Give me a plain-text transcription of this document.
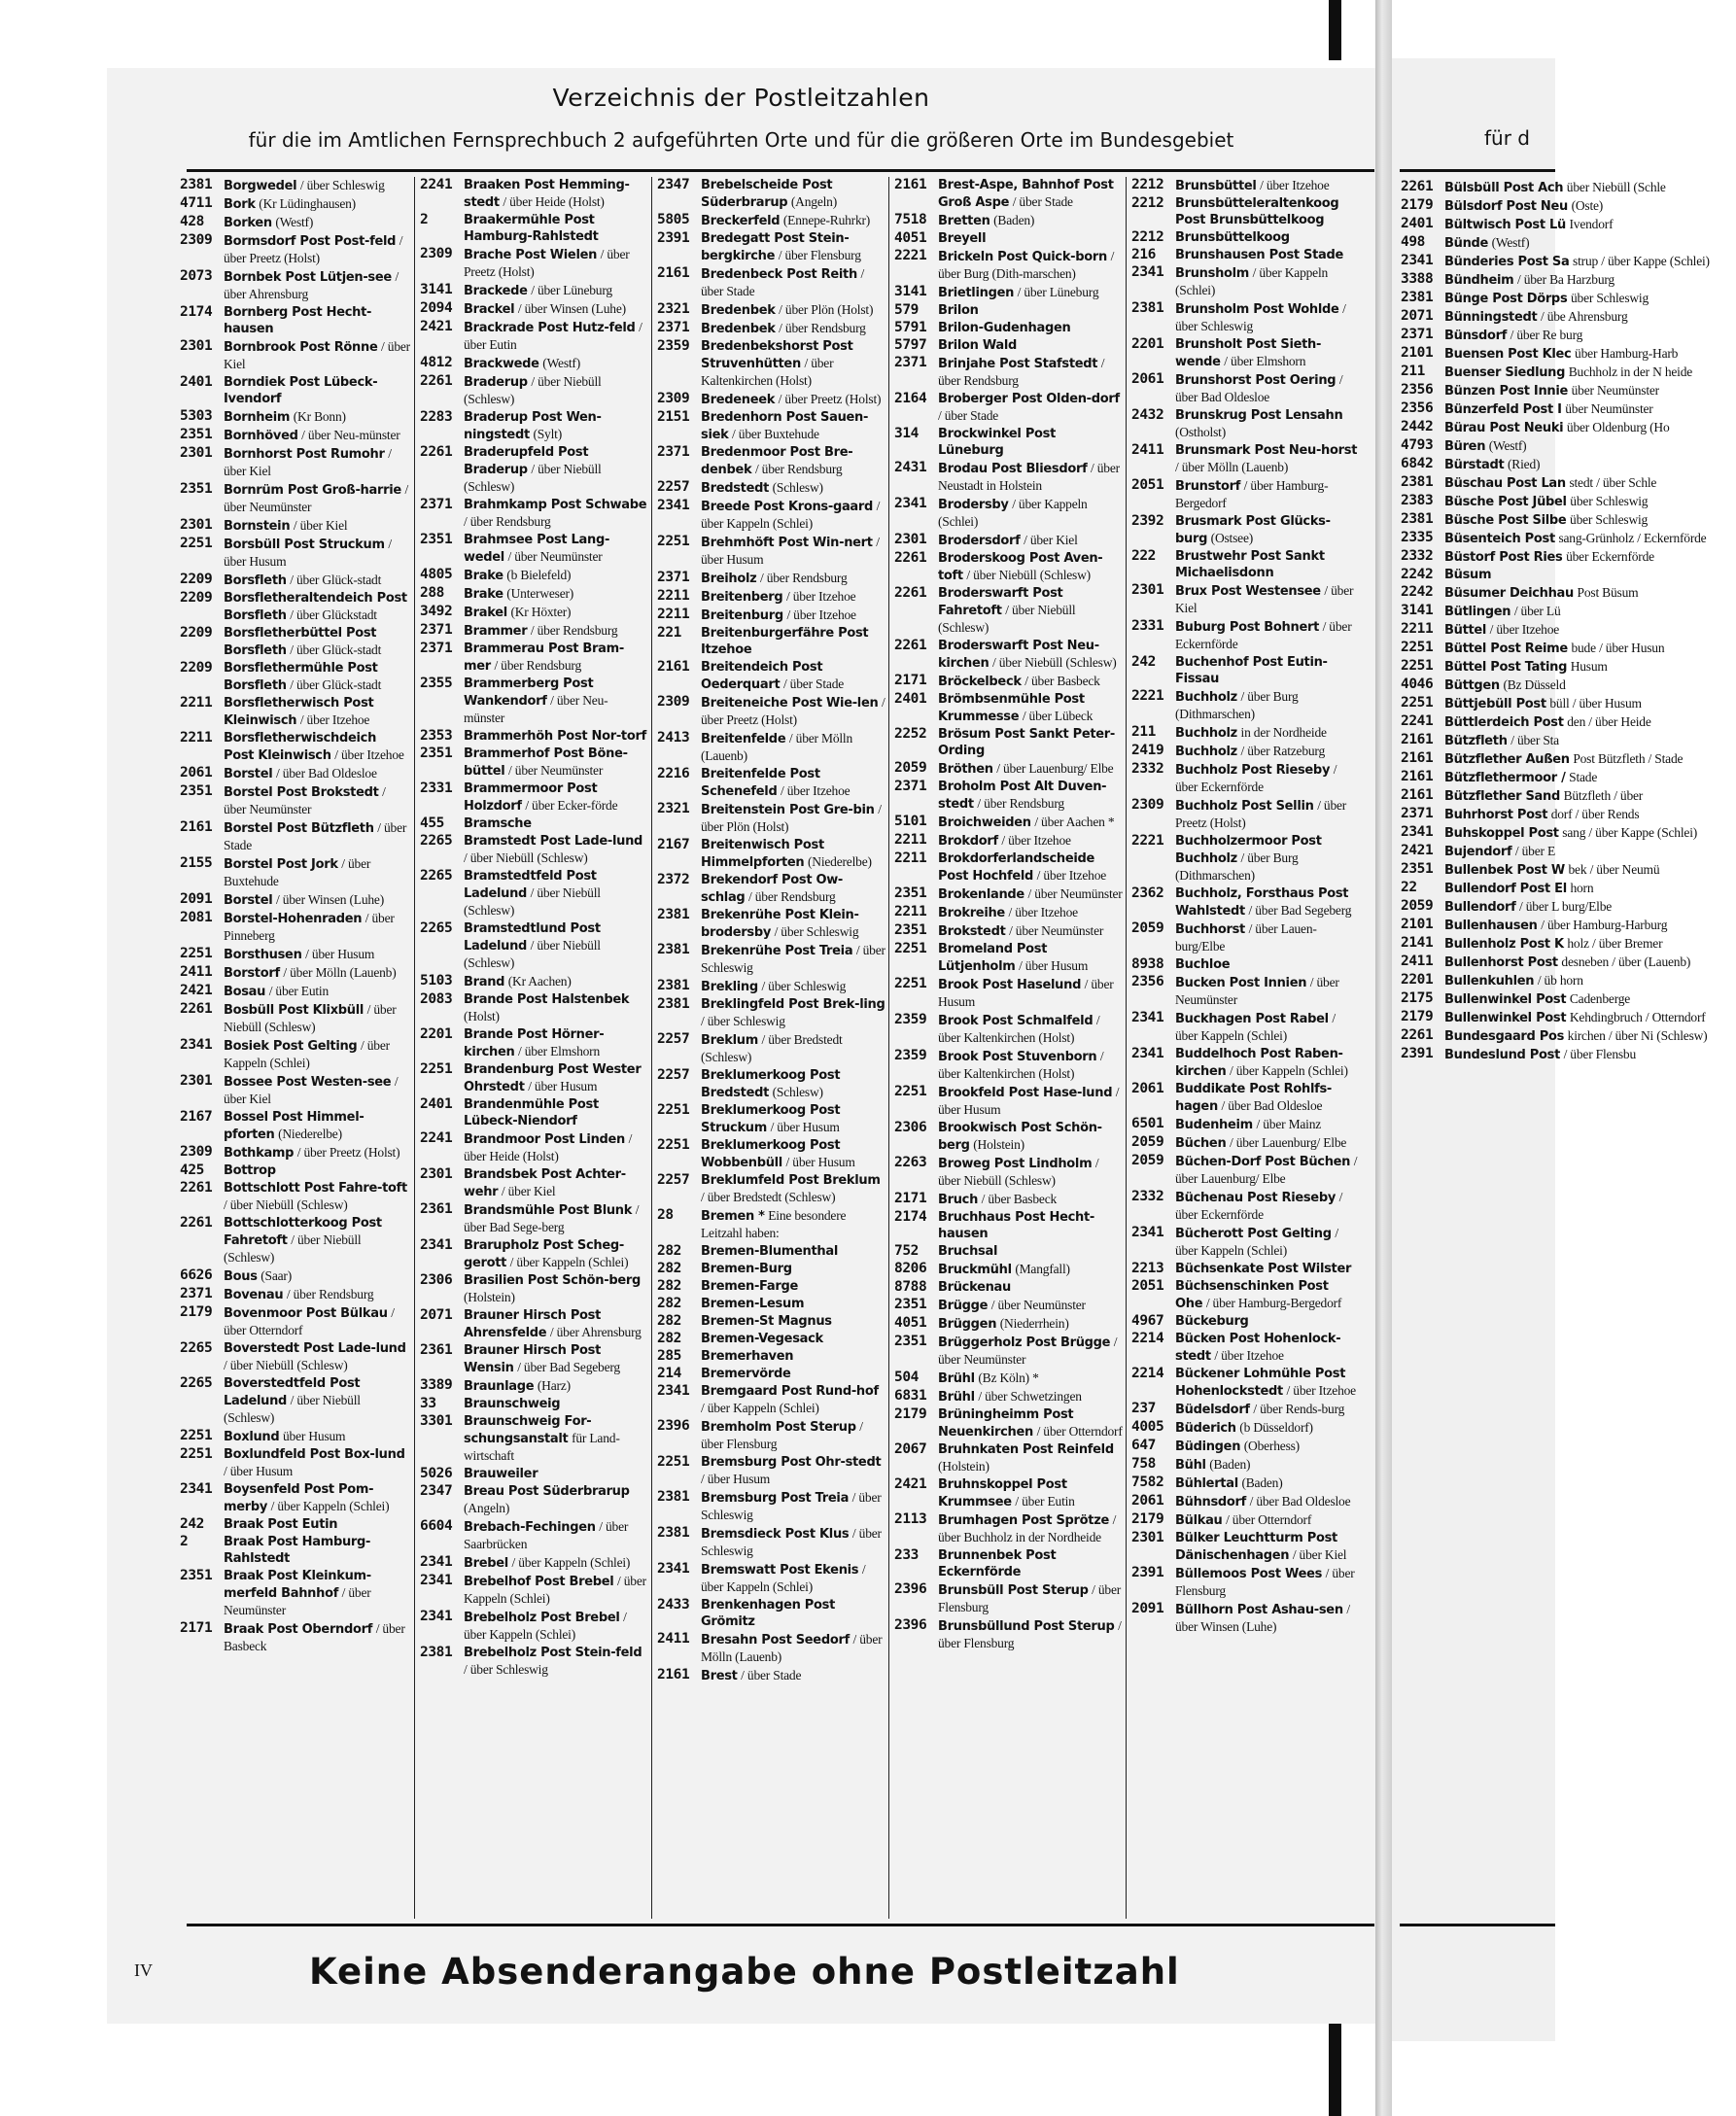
Verzeichnis der Postleitzahlen
für die im Amtlichen Fernsprechbuch 2 aufgeführten Orte und für die größeren Orte im Bundesgebiet
2381 Borgwedel / über Schleswig
4711 Bork (Kr Lüdinghausen)
428 Borken (Westf)
2309 Bormsdorf Post Post-feld / über Preetz (Holst)
2073 Bornbek Post Lütjen-see / über Ahrensburg
2174 Bornberg Post Hecht-hausen
2301 Bornbrook Post Rönne / über Kiel
2401 Borndiek Post Lübeck-Ivendorf
5303 Bornheim (Kr Bonn)
2351 Bornhöved / über Neu-münster
2301 Bornhorst Post Rumohr / über Kiel
2351 Bornrüm Post Groß-harrie / über Neumünster
2301 Bornstein / über Kiel
2251 Borsbüll Post Struckum / über Husum
2209 Borsfleth / über Glück-stadt
2209 Borsfletheraltendeich Post Borsfleth / über Glückstadt
2209 Borsfletherbüttel Post Borsfleth / über Glück-stadt
2209 Borsflethermühle Post Borsfleth / über Glück-stadt
2211 Borsfletherwisch Post Kleinwisch / über Itzehoe
2211 Borsfletherwischdeich Post Kleinwisch / über Itzehoe
2061 Borstel / über Bad Oldesloe
2351 Borstel Post Brokstedt / über Neumünster
2161 Borstel Post Bützfleth / über Stade
2155 Borstel Post Jork / über Buxtehude
2091 Borstel / über Winsen (Luhe)
2081 Borstel-Hohenraden / über Pinneberg
2251 Borsthusen / über Husum
2411 Borstorf / über Mölln (Lauenb)
2421 Bosau / über Eutin
2261 Bosbüll Post Klixbüll / über Niebüll (Schlesw)
2341 Bosiek Post Gelting / über Kappeln (Schlei)
2301 Bossee Post Westen-see / über Kiel
2167 Bossel Post Himmel-pforten (Niederelbe)
2309 Bothkamp / über Preetz (Holst)
425 Bottrop
2261 Bottschlott Post Fahre-toft / über Niebüll (Schlesw)
2261 Bottschlotterkoog Post Fahretoft / über Niebüll (Schlesw)
6626 Bous (Saar)
2371 Bovenau / über Rendsburg
2179 Bovenmoor Post Bülkau / über Otterndorf
2265 Boverstedt Post Lade-lund / über Niebüll (Schlesw)
2265 Boverstedtfeld Post Ladelund / über Niebüll (Schlesw)
2251 Boxlund über Husum
2251 Boxlundfeld Post Box-lund / über Husum
2341 Boysenfeld Post Pom-merby / über Kappeln (Schlei)
242 Braak Post Eutin
2	Braak Post Hamburg-Rahlstedt
2351 Braak Post Kleinkum-merfeld Bahnhof / über Neumünster
2171 Braak Post Oberndorf / über Basbeck
2241 Braaken Post Hemming-stedt / über Heide (Holst)
2	Braakermühle Post Hamburg-Rahlstedt
2309 Brache Post Wielen / über Preetz (Holst)
3141 Brackede / über Lüneburg
2094 Brackel / über Winsen (Luhe)
2421 Brackrade Post Hutz-feld / über Eutin
4812 Brackwede (Westf)
2261 Braderup / über Niebüll (Schlesw)
2283 Braderup Post Wen-ningstedt (Sylt)
2261 Braderupfeld Post Braderup / über Niebüll (Schlesw)
2371 Brahmkamp Post Schwabe / über Rendsburg
2351 Brahmsee Post Lang-wedel / über Neumünster
4805 Brake (b Bielefeld)
288 Brake (Unterweser)
3492 Brakel (Kr Höxter)
2371 Brammer / über Rendsburg
2371 Brammerau Post Bram-mer / über Rendsburg
2355 Brammerberg Post Wankendorf / über Neu-münster
2353 Brammerhöh Post Nor-torf
2351 Brammerhof Post Böne-büttel / über Neumünster
2331 Brammermoor Post Holzdorf / über Ecker-förde
455 Bramsche
2265 Bramstedt Post Lade-lund / über Niebüll (Schlesw)
2265 Bramstedtfeld Post Ladelund / über Niebüll (Schlesw)
2265 Bramstedtlund Post Ladelund / über Niebüll (Schlesw)
5103 Brand (Kr Aachen)
2083 Brande Post Halstenbek (Holst)
2201 Brande Post Hörner-kirchen / über Elmshorn
2251 Brandenburg Post Wester Ohrstedt / über Husum
2401 Brandenmühle Post Lübeck-Niendorf
2241 Brandmoor Post Linden / über Heide (Holst)
2301 Brandsbek Post Achter-wehr / über Kiel
2361 Brandsmühle Post Blunk / über Bad Sege-berg
2341 Brarupholz Post Scheg-gerott / über Kappeln (Schlei)
2306 Brasilien Post Schön-berg (Holstein)
2071 Brauner Hirsch Post Ahrensfelde / über Ahrensburg
2361 Brauner Hirsch Post Wensin / über Bad Segeberg
3389 Braunlage (Harz)
33 Braunschweig
3301 Braunschweig For-schungsanstalt für Land-wirtschaft
5026 Brauweiler
2347 Breau Post Süderbrarup (Angeln)
6604 Brebach-Fechingen / über Saarbrücken
2341 Brebel / über Kappeln (Schlei)
2341 Brebelhof Post Brebel / über Kappeln (Schlei)
2341 Brebelholz Post Brebel / über Kappeln (Schlei)
2381 Brebelholz Post Stein-feld / über Schleswig
2347 Brebelscheide Post Süderbrarup (Angeln)
5805 Breckerfeld (Ennepe-Ruhrkr)
2391 Bredegatt Post Stein-bergkirche / über Flensburg
2161 Bredenbeck Post Reith / über Stade
2321 Bredenbek / über Plön (Holst)
2371 Bredenbek / über Rendsburg
2359 Bredenbekshorst Post Struvenhütten / über Kaltenkirchen (Holst)
2309 Bredeneek / über Preetz (Holst)
2151 Bredenhorn Post Sauen-siek / über Buxtehude
2371 Bredenmoor Post Bre-denbek / über Rendsburg
2257 Bredstedt (Schlesw)
2341 Breede Post Krons-gaard / über Kappeln (Schlei)
2251 Brehmhöft Post Win-nert / über Husum
2371 Breiholz / über Rendsburg
2211 Breitenberg / über Itzehoe
2211 Breitenburg / über Itzehoe
221 Breitenburgerfähre Post Itzehoe
2161 Breitendeich Post Oederquart / über Stade
2309 Breiteneiche Post Wie-len / über Preetz (Holst)
2413 Breitenfelde / über Mölln (Lauenb)
2216 Breitenfelde Post Schenefeld / über Itzehoe
2321 Breitenstein Post Gre-bin / über Plön (Holst)
2167 Breitenwisch Post Himmelpforten (Niederelbe)
2372 Brekendorf Post Ow-schlag / über Rendsburg
2381 Brekenrühe Post Klein-brodersby / über Schleswig
2381 Brekenrühe Post Treia / über Schleswig
2381 Brekling / über Schleswig
2381 Breklingfeld Post Brek-ling / über Schleswig
2257 Breklum / über Bredstedt (Schlesw)
2257 Breklumerkoog Post Bredstedt (Schlesw)
2251 Breklumerkoog Post Struckum / über Husum
2251 Breklumerkoog Post Wobbenbüll / über Husum
2257 Breklumfeld Post Breklum / über Bredstedt (Schlesw)
28 Bremen * Eine besondere Leitzahl haben:
282 Bremen-Blumenthal
282 Bremen-Burg
282 Bremen-Farge
282 Bremen-Lesum
282 Bremen-St Magnus
282 Bremen-Vegesack
285 Bremerhaven
214 Bremervörde
2341 Bremgaard Post Rund-hof / über Kappeln (Schlei)
2396 Bremholm Post Sterup / über Flensburg
2251 Bremsburg Post Ohr-stedt / über Husum
2381 Bremsburg Post Treia / über Schleswig
2381 Bremsdieck Post Klus / über Schleswig
2341 Bremswatt Post Ekenis / über Kappeln (Schlei)
2433 Brenkenhagen Post Grömitz
2411 Bresahn Post Seedorf / über Mölln (Lauenb)
2161 Brest / über Stade
2161 Brest-Aspe, Bahnhof Post Groß Aspe / über Stade
7518 Bretten (Baden)
4051 Breyell
2221 Brickeln Post Quick-born / über Burg (Dith-marschen)
3141 Brietlingen / über Lüneburg
579 Brilon
5791 Brilon-Gudenhagen
5797 Brilon Wald
2371 Brinjahe Post Stafstedt / über Rendsburg
2164 Broberger Post Olden-dorf / über Stade
314 Brockwinkel Post Lüneburg
2431 Brodau Post Bliesdorf / über Neustadt in Holstein
2341 Brodersby / über Kappeln (Schlei)
2301 Brodersdorf / über Kiel
2261 Broderskoog Post Aven-toft / über Niebüll (Schlesw)
2261 Broderswarft Post Fahretoft / über Niebüll (Schlesw)
2261 Broderswarft Post Neu-kirchen / über Niebüll (Schlesw)
2171 Bröckelbeck / über Basbeck
2401 Brömbsenmühle Post Krummesse / über Lübeck
2252 Brösum Post Sankt Peter-Ording
2059 Bröthen / über Lauenburg/ Elbe
2371 Broholm Post Alt Duven-stedt / über Rendsburg
5101 Broichweiden / über Aachen *
2211 Brokdorf / über Itzehoe
2211 Brokdorferlandscheide Post Hochfeld / über Itzehoe
2351 Brokenlande / über Neumünster
2211 Brokreihe / über Itzehoe
2351 Brokstedt / über Neumünster
2251 Bromeland Post Lütjenholm / über Husum
2251 Brook Post Haselund / über Husum
2359 Brook Post Schmalfeld / über Kaltenkirchen (Holst)
2359 Brook Post Stuvenborn / über Kaltenkirchen (Holst)
2251 Brookfeld Post Hase-lund / über Husum
2306 Brookwisch Post Schön-berg (Holstein)
2263 Broweg Post Lindholm / über Niebüll (Schlesw)
2171 Bruch / über Basbeck
2174 Bruchhaus Post Hecht-hausen
752 Bruchsal
8206 Bruckmühl (Mangfall)
8788 Brückenau
2351 Brügge / über Neumünster
4051 Brüggen (Niederrhein)
2351 Brüggerholz Post Brügge / über Neumünster
504 Brühl (Bz Köln) *
6831 Brühl / über Schwetzingen
2179 Brüningheimm Post Neuenkirchen / über Otterndorf
2067 Bruhnkaten Post Reinfeld (Holstein)
2421 Bruhnskoppel Post Krummsee / über Eutin
2113 Brumhagen Post Sprötze / über Buchholz in der Nordheide
233 Brunnenbek Post Eckernförde
2396 Brunsbüll Post Sterup / über Flensburg
2396 Brunsbüllund Post Sterup / über Flensburg
2212 Brunsbüttel / über Itzehoe
2212 Brunsbütteleraltenkoog Post Brunsbüttelkoog
2212 Brunsbüttelkoog
216 Brunshausen Post Stade
2341 Brunsholm / über Kappeln (Schlei)
2381 Brunsholm Post Wohlde / über Schleswig
2201 Brunsholt Post Sieth-wende / über Elmshorn
2061 Brunshorst Post Oering / über Bad Oldesloe
2432 Brunskrug Post Lensahn (Ostholst)
2411 Brunsmark Post Neu-horst / über Mölln (Lauenb)
2051 Brunstorf / über Hamburg-Bergedorf
2392 Brusmark Post Glücks-burg (Ostsee)
222 Brustwehr Post Sankt Michaelisdonn
2301 Brux Post Westensee / über Kiel
2331 Buburg Post Bohnert / über Eckernförde
242 Buchenhof Post Eutin-Fissau
2221 Buchholz / über Burg (Dithmarschen)
211 Buchholz in der Nordheide
2419 Buchholz / über Ratzeburg
2332 Buchholz Post Rieseby / über Eckernförde
2309 Buchholz Post Sellin / über Preetz (Holst)
2221 Buchholzermoor Post Buchholz / über Burg (Dithmarschen)
2362 Buchholz, Forsthaus Post Wahlstedt / über Bad Segeberg
2059 Buchhorst / über Lauen-burg/Elbe
8938 Buchloe
2356 Bucken Post Innien / über Neumünster
2341 Buckhagen Post Rabel / über Kappeln (Schlei)
2341 Buddelhoch Post Raben-kirchen / über Kappeln (Schlei)
2061 Buddikate Post Rohlfs-hagen / über Bad Oldesloe
6501 Budenheim / über Mainz
2059 Büchen / über Lauenburg/ Elbe
2059 Büchen-Dorf Post Büchen / über Lauenburg/ Elbe
2332 Büchenau Post Rieseby / über Eckernförde
2341 Bücherott Post Gelting / über Kappeln (Schlei)
2213 Büchsenkate Post Wilster
2051 Büchsenschinken Post Ohe / über Hamburg-Bergedorf
4967 Bückeburg
2214 Bücken Post Hohenlock-stedt / über Itzehoe
2214 Bückener Lohmühle Post Hohenlockstedt / über Itzehoe
237 Büdelsdorf / über Rends-burg
4005 Büderich (b Düsseldorf)
647 Büdingen (Oberhess)
758 Bühl (Baden)
7582 Bühlertal (Baden)
2061 Bühnsdorf / über Bad Oldesloe
2179 Bülkau / über Otterndorf
2301 Bülker Leuchtturm Post Dänischenhagen / über Kiel
2391 Büllemoos Post Wees / über Flensburg
2091 Büllhorn Post Ashau-sen / über Winsen (Luhe)
IV	Keine Absenderangabe ohne Postleitzahl
für d
2261 Bülsbüll Post Ach über Niebüll (Schle
2179 Bülsdorf Post Neu (Oste)
2401 Bültwisch Post Lü Ivendorf
498 Bünde (Westf)
2341 Bünderies Post Sa strup / über Kappe (Schlei)
3388 Bündheim / über Ba Harzburg
2381 Bünge Post Dörps über Schleswig
2071 Bünningstedt / übe Ahrensburg
2371 Bünsdorf / über Re burg
2101 Buensen Post Klec über Hamburg-Harb
211 Buenser Siedlung Buchholz in der N heide
2356 Bünzen Post Innie über Neumünster
2356 Bünzerfeld Post I über Neumünster
2442 Bürau Post Neuki über Oldenburg (Ho
4793 Büren (Westf)
6842 Bürstadt (Ried)
2381 Büschau Post Lan stedt / über Schle
2383 Büsche Post Jübel über Schleswig
2381 Büsche Post Silbe über Schleswig
2335 Büsenteich Post sang-Grünholz / Eckernförde
2332 Büstorf Post Ries über Eckernförde
2242 Büsum
2242 Büsumer Deichhau Post Büsum
3141 Bütlingen / über Lü
2211 Büttel / über Itzehoe
2251 Büttel Post Reime bude / über Husun
2251 Büttel Post Tating Husum
4046 Büttgen (Bz Düsseld
2251 Büttjebüll Post büll / über Husum
2241 Büttlerdeich Post den / über Heide
2161 Bützfleth / über Sta
2161 Bützflether Außen Post Bützfleth / Stade
2161 Bützflethermoor / Stade
2161 Bützflether Sand Bützfleth / über
2371 Buhrhorst Post dorf / über Rends
2341 Buhskoppel Post sang / über Kappe (Schlei)
2421 Bujendorf / über E
2351 Bullenbek Post W bek / über Neumü
22 Bullendorf Post El horn
2059 Bullendorf / über L burg/Elbe
2101 Bullenhausen / über Hamburg-Harburg
2141 Bullenholz Post K holz / über Bremer
2411 Bullenhorst Post desneben / über (Lauenb)
2201 Bullenkuhlen / üb horn
2175 Bullenwinkel Post Cadenberge
2179 Bullenwinkel Post Kehdingbruch / Otterndorf
2261 Bundesgaard Pos kirchen / über Ni (Schlesw)
2391 Bundeslund Post / über Flensbu
